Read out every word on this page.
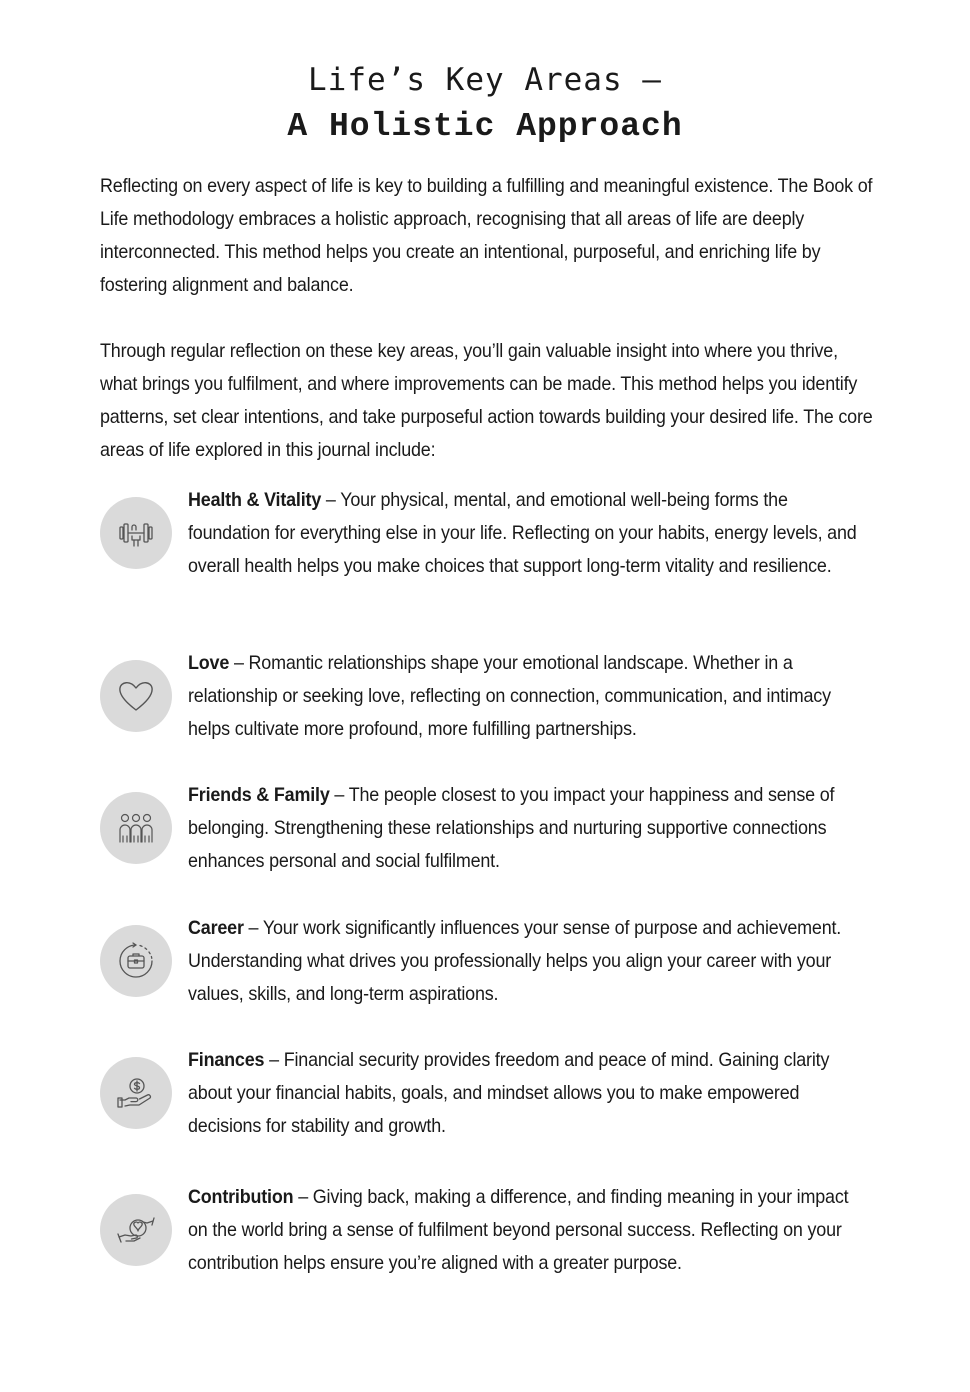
Life’s Key Areas –
A Holistic Approach

Reflecting on every aspect of life is key to building a fulfilling and meaningful existence. The Book of Life methodology embraces a holistic approach, recognising that all areas of life are deeply interconnected. This method helps you create an intentional, purposeful, and enriching life by fostering alignment and balance.

Through regular reflection on these key areas, you’ll gain valuable insight into where you thrive, what brings you fulfilment, and where improvements can be made. This method helps you identify patterns, set clear intentions, and take purposeful action towards building your desired life. The core areas of life explored in this journal include:

Health & Vitality – Your physical, mental, and emotional well-being forms the foundation for everything else in your life. Reflecting on your habits, energy levels, and overall health helps you make choices that support long-term vitality and resilience.

Love – Romantic relationships shape your emotional landscape. Whether in a relationship or seeking love, reflecting on connection, communication, and intimacy helps cultivate more profound, more fulfilling partnerships.

Friends & Family – The people closest to you impact your happiness and sense of belonging. Strengthening these relationships and nurturing supportive connections enhances personal and social fulfilment.

Career – Your work significantly influences your sense of purpose and achievement. Understanding what drives you professionally helps you align your career with your values, skills, and long-term aspirations.

Finances – Financial security provides freedom and peace of mind. Gaining clarity about your financial habits, goals, and mindset allows you to make empowered decisions for stability and growth.

Contribution – Giving back, making a difference, and finding meaning in your impact on the world bring a sense of fulfilment beyond personal success. Reflecting on your contribution helps ensure you’re aligned with a greater purpose.
